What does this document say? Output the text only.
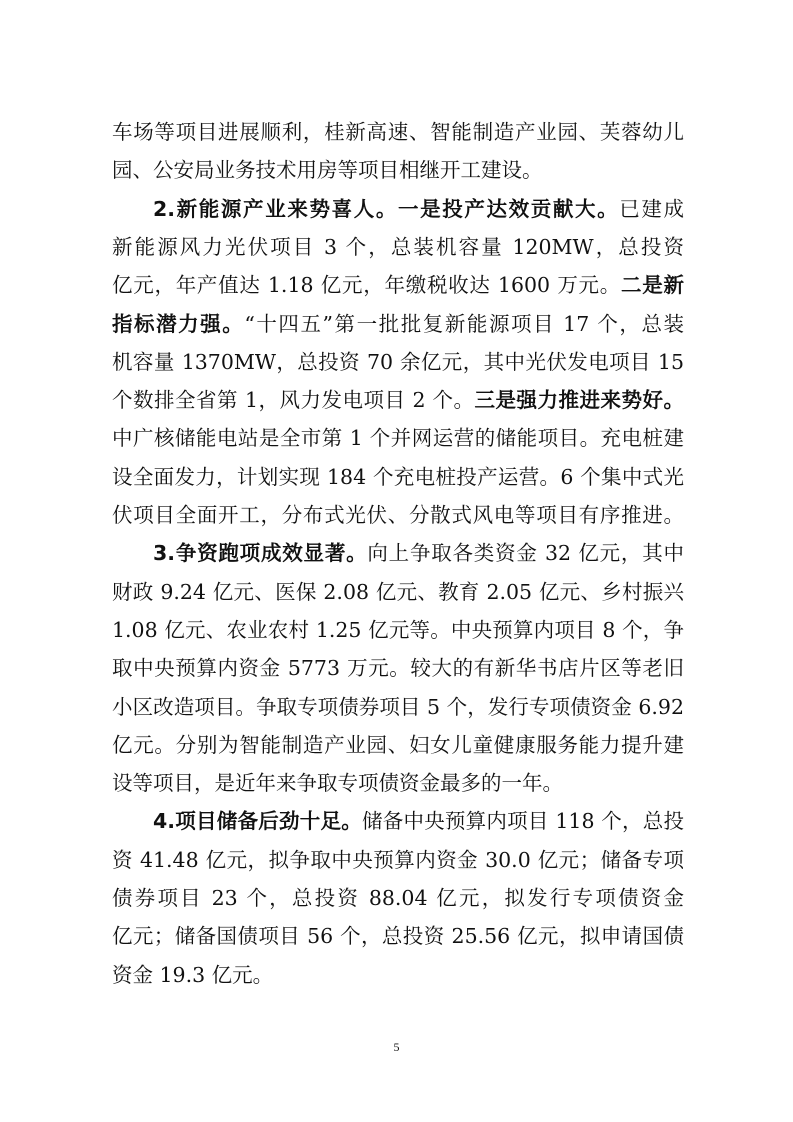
车场等项目进展顺利，桂新高速、智能制造产业园、芙蓉幼儿
园、公安局业务技术用房等项目相继开工建设。
2.新能源产业来势喜人。一是投产达效贡献大。已建成
新能源风力光伏项目 3 个，总装机容量 120MW，总投资
亿元，年产值达 1.18 亿元，年缴税收达 1600 万元。二是新
指标潜力强。“十四五”第一批批复新能源项目 17 个，总装
机容量 1370MW，总投资 70 余亿元，其中光伏发电项目 15
个数排全省第 1，风力发电项目 2 个。三是强力推进来势好。
中广核储能电站是全市第 1 个并网运营的储能项目。充电桩建
设全面发力，计划实现 184 个充电桩投产运营。6 个集中式光
伏项目全面开工，分布式光伏、分散式风电等项目有序推进。
3.争资跑项成效显著。向上争取各类资金 32 亿元，其中
财政 9.24 亿元、医保 2.08 亿元、教育 2.05 亿元、乡村振兴
1.08 亿元、农业农村 1.25 亿元等。中央预算内项目 8 个，争
取中央预算内资金 5773 万元。较大的有新华书店片区等老旧
小区改造项目。争取专项债券项目 5 个，发行专项债资金 6.92
亿元。分别为智能制造产业园、妇女儿童健康服务能力提升建
设等项目，是近年来争取专项债资金最多的一年。
4.项目储备后劲十足。储备中央预算内项目 118 个，总投
资 41.48 亿元，拟争取中央预算内资金 30.0 亿元；储备专项
债券项目 23 个，总投资 88.04 亿元，拟发行专项债资金
亿元；储备国债项目 56 个，总投资 25.56 亿元，拟申请国债
资金 19.3 亿元。
5
